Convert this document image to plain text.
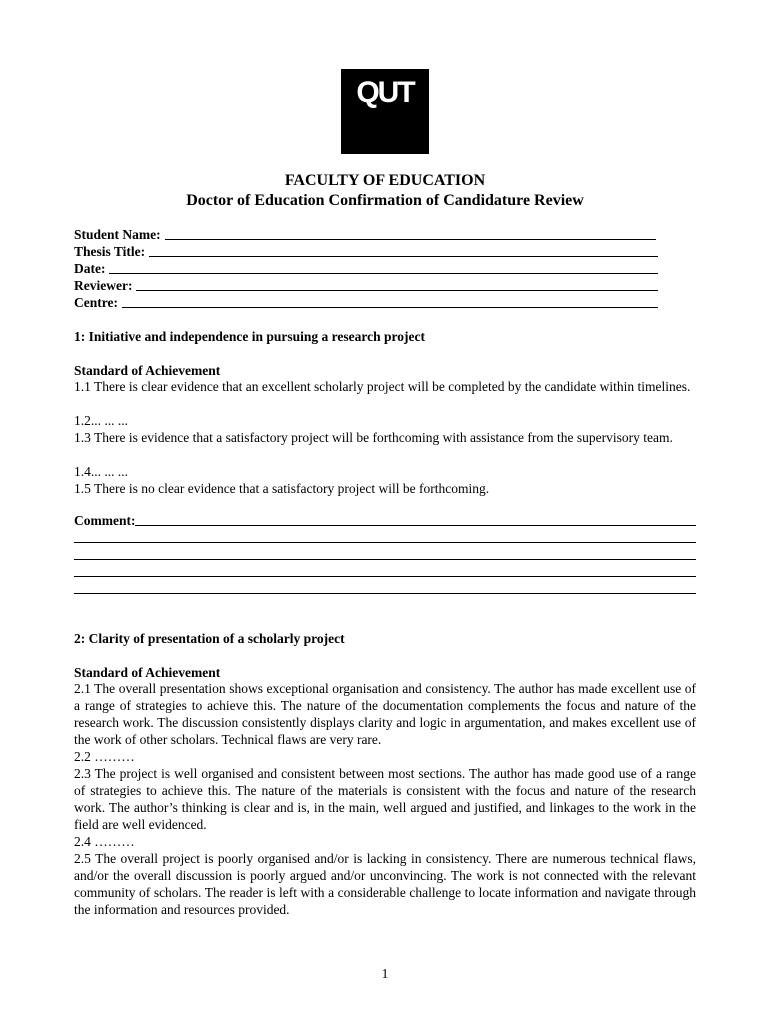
QUT
FACULTY OF EDUCATION
Doctor of Education Confirmation of Candidature Review
Student Name:
Thesis Title:
Date:
Reviewer:
Centre:
1: Initiative and independence in pursuing a research project
Standard of Achievement
1.1 There is clear evidence that an excellent scholarly project will be completed by the candidate within timelines.
1.2... ... ...
1.3 There is evidence that a satisfactory project will be forthcoming with assistance from the supervisory team.
1.4... ... ...
1.5 There is no clear evidence that a satisfactory project will be forthcoming.
Comment:
2: Clarity of presentation of a scholarly project
Standard of Achievement
2.1 The overall presentation shows exceptional organisation and consistency. The author has made excellent use of a range of strategies to achieve this. The nature of the documentation complements the focus and nature of the research work. The discussion consistently displays clarity and logic in argumentation, and makes excellent use of the work of other scholars. Technical flaws are very rare.
2.2 ………
2.3 The project is well organised and consistent between most sections. The author has made good use of a range of strategies to achieve this. The nature of the materials is consistent with the focus and nature of the research work. The author’s thinking is clear and is, in the main, well argued and justified, and linkages to the work in the field are well evidenced.
2.4 ………
2.5 The overall project is poorly organised and/or is lacking in consistency. There are numerous technical flaws, and/or the overall discussion is poorly argued and/or unconvincing. The work is not connected with the relevant community of scholars. The reader is left with a considerable challenge to locate information and navigate through the information and resources provided.
1
